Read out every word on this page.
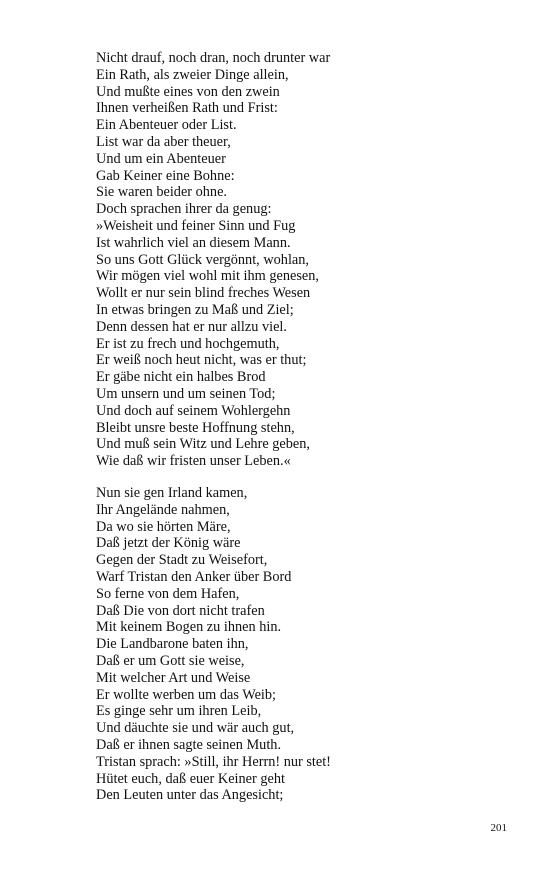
Nicht drauf, noch dran, noch drunter war
Ein Rath, als zweier Dinge allein,
Und mußte eines von den zwein
Ihnen verheißen Rath und Frist:
Ein Abenteuer oder List.
List war da aber theuer,
Und um ein Abenteuer
Gab Keiner eine Bohne:
Sie waren beider ohne.
Doch sprachen ihrer da genug:
»Weisheit und feiner Sinn und Fug
Ist wahrlich viel an diesem Mann.
So uns Gott Glück vergönnt, wohlan,
Wir mögen viel wohl mit ihm genesen,
Wollt er nur sein blind freches Wesen
In etwas bringen zu Maß und Ziel;
Denn dessen hat er nur allzu viel.
Er ist zu frech und hochgemuth,
Er weiß noch heut nicht, was er thut;
Er gäbe nicht ein halbes Brod
Um unsern und um seinen Tod;
Und doch auf seinem Wohlergehn
Bleibt unsre beste Hoffnung stehn,
Und muß sein Witz und Lehre geben,
Wie daß wir fristen unser Leben.«
Nun sie gen Irland kamen,
Ihr Angelände nahmen,
Da wo sie hörten Märe,
Daß jetzt der König wäre
Gegen der Stadt zu Weisefort,
Warf Tristan den Anker über Bord
So ferne von dem Hafen,
Daß Die von dort nicht trafen
Mit keinem Bogen zu ihnen hin.
Die Landbarone baten ihn,
Daß er um Gott sie weise,
Mit welcher Art und Weise
Er wollte werben um das Weib;
Es ginge sehr um ihren Leib,
Und däuchte sie und wär auch gut,
Daß er ihnen sagte seinen Muth.
Tristan sprach: »Still, ihr Herrn! nur stet!
Hütet euch, daß euer Keiner geht
Den Leuten unter das Angesicht;
201
